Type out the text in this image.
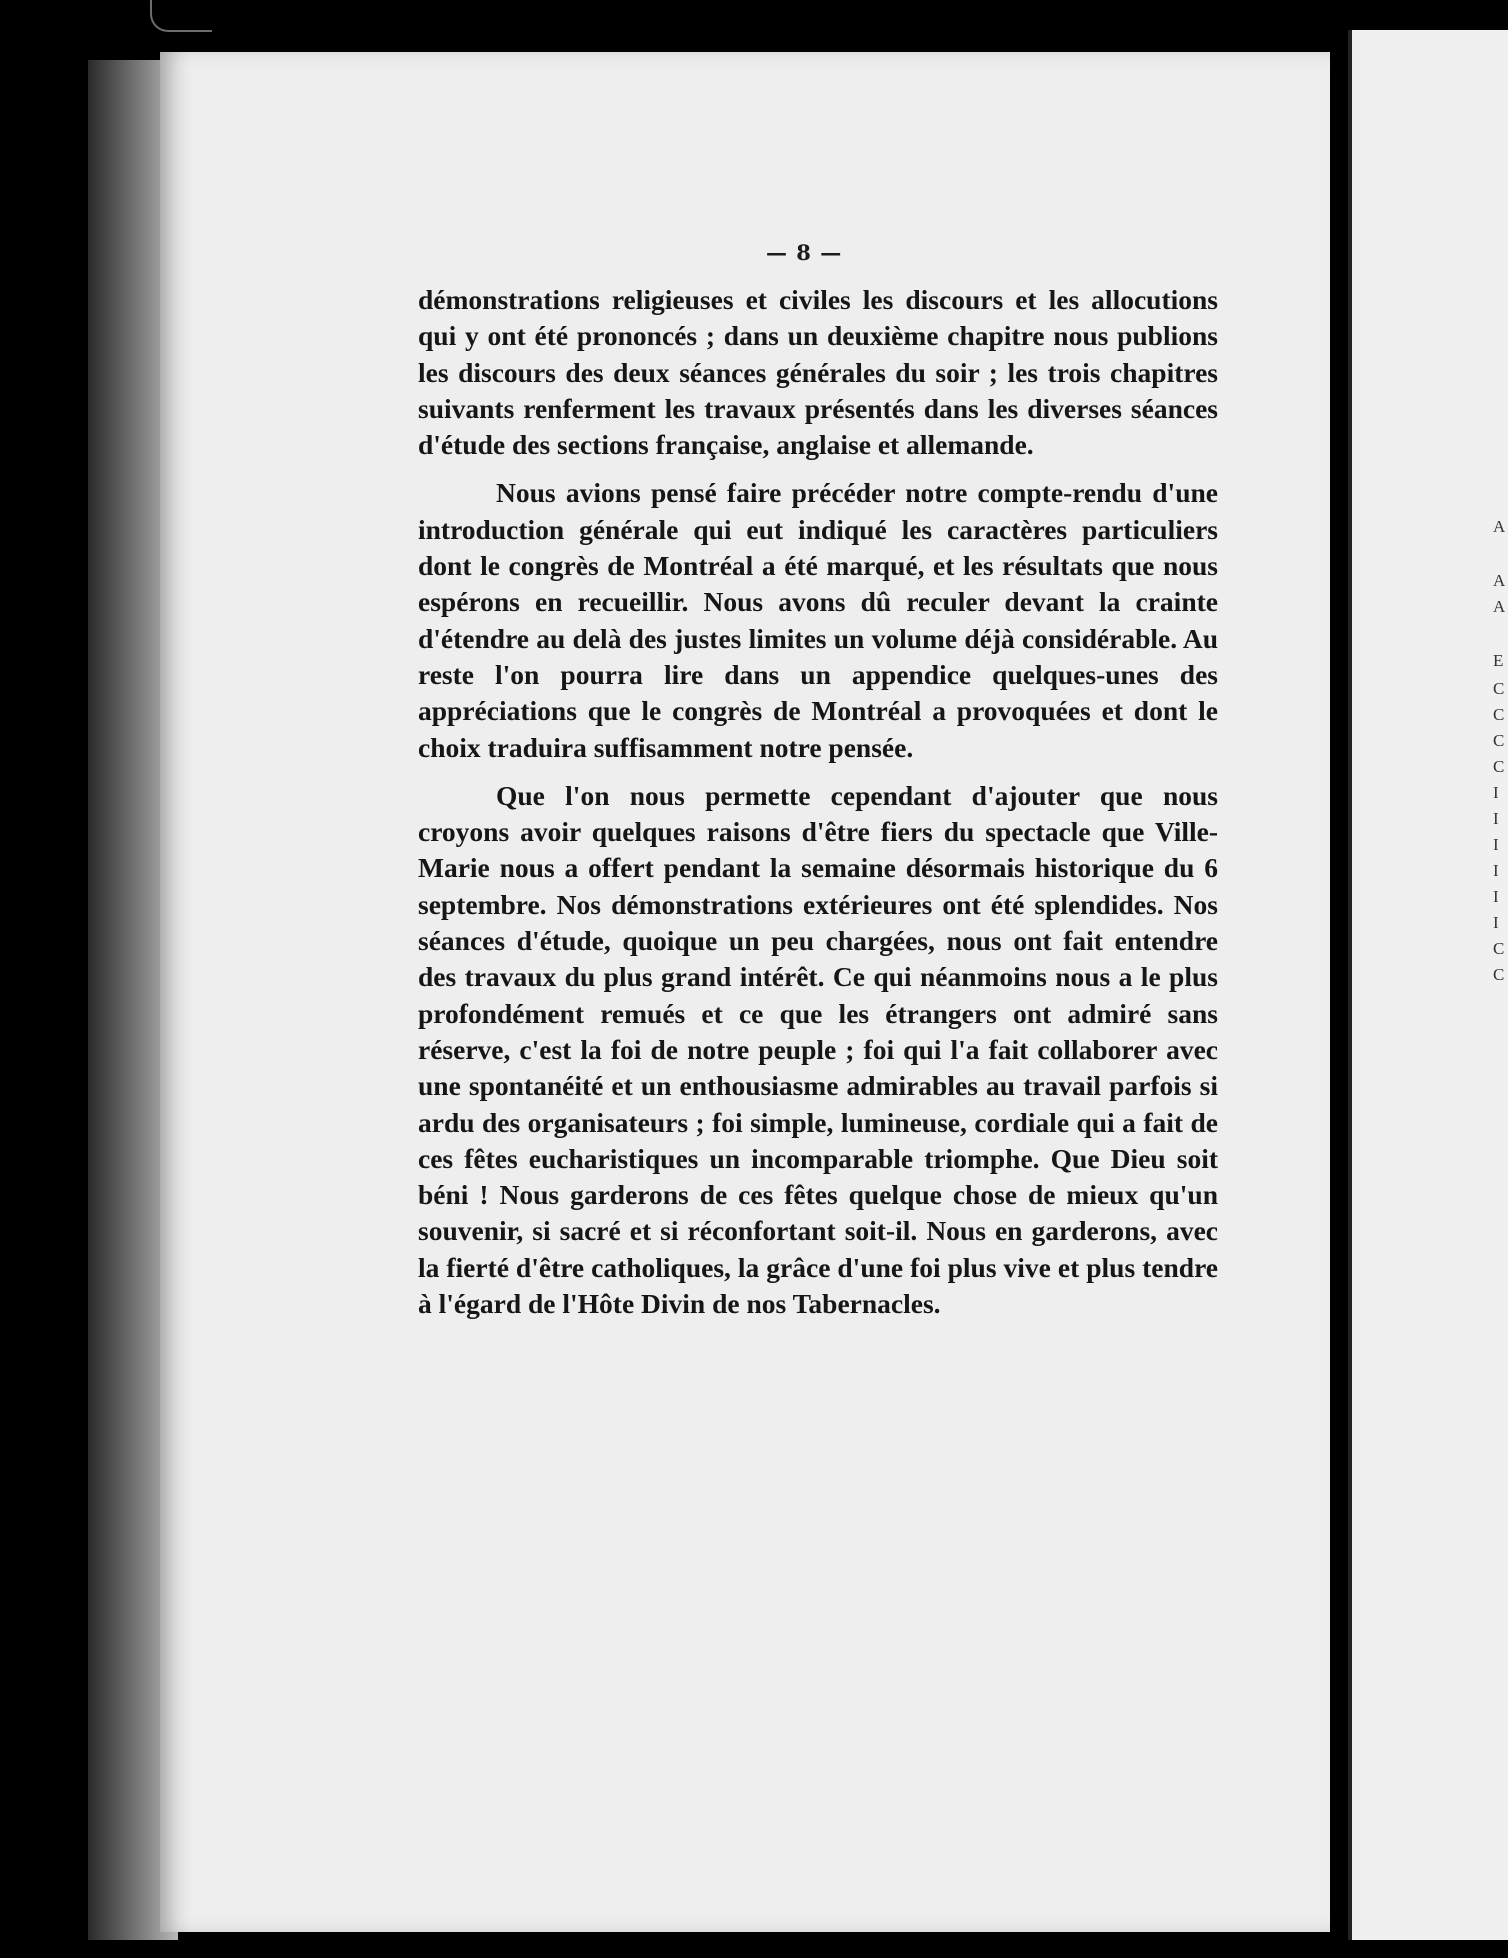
— 8 —

démonstrations religieuses et civiles les discours et les allocutions qui y ont été prononcés ; dans un deuxième chapitre nous publions les discours des deux séances générales du soir ; les trois chapitres suivants renferment les travaux présentés dans les diverses séances d'étude des sections française, anglaise et allemande.

Nous avions pensé faire précéder notre compte-rendu d'une introduction générale qui eut indiqué les caractères particuliers dont le congrès de Montréal a été marqué, et les résultats que nous espérons en recueillir. Nous avons dû reculer devant la crainte d'étendre au delà des justes limites un volume déjà considérable. Au reste l'on pourra lire dans un appendice quelques-unes des appréciations que le congrès de Montréal a provoquées et dont le choix traduira suffisamment notre pensée.

Que l'on nous permette cependant d'ajouter que nous croyons avoir quelques raisons d'être fiers du spectacle que Ville-Marie nous a offert pendant la semaine désormais historique du 6 septembre. Nos démonstrations extérieures ont été splendides. Nos séances d'étude, quoique un peu chargées, nous ont fait entendre des travaux du plus grand intérêt. Ce qui néanmoins nous a le plus profondément remués et ce que les étrangers ont admiré sans réserve, c'est la foi de notre peuple ; foi qui l'a fait collaborer avec une spontanéité et un enthousiasme admirables au travail parfois si ardu des organisateurs ; foi simple, lumineuse, cordiale qui a fait de ces fêtes eucharistiques un incomparable triomphe. Que Dieu soit béni ! Nous garderons de ces fêtes quelque chose de mieux qu'un souvenir, si sacré et si réconfortant soit-il. Nous en garderons, avec la fierté d'être catholiques, la grâce d'une foi plus vive et plus tendre à l'égard de l'Hôte Divin de nos Tabernacles.

A
A
A
E
C
C
C
C
I
I
I
I
I
I
C
C
